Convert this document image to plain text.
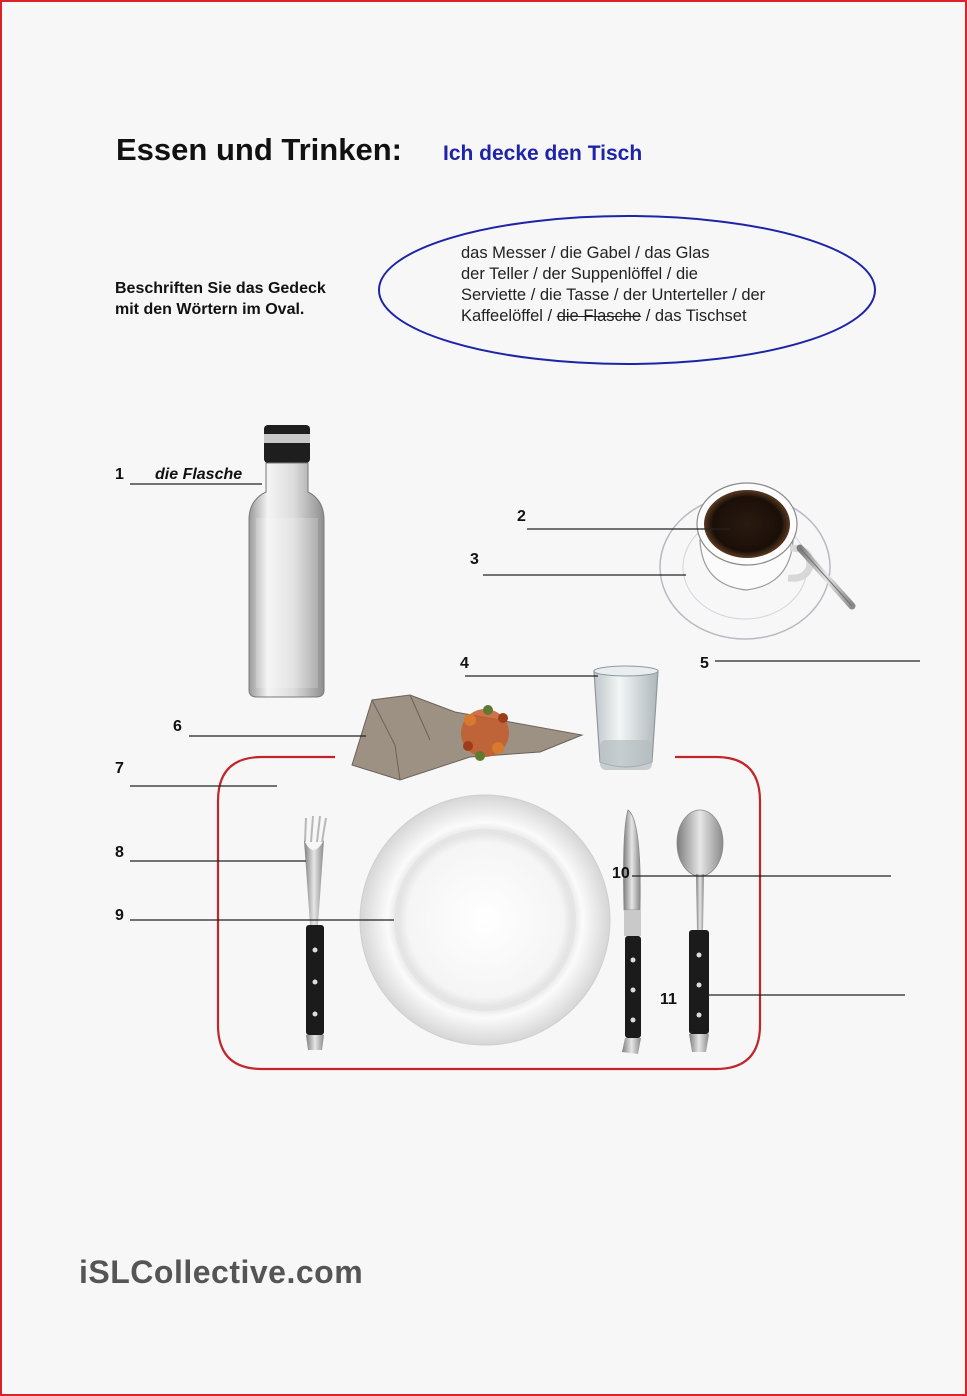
Essen und Trinken: Ich decke den Tisch
Beschriften Sie das Gedeck
mit den Wörtern im Oval.
das Messer / die Gabel / das Glas
der Teller / der Suppenlöffel / die
Serviette / die Tasse / der Unterteller / der
Kaffeelöffel / die Flasche / das Tischset
1 die Flasche
2
3
4	5
6
7
8
9
10
11
iSLCollective.com
